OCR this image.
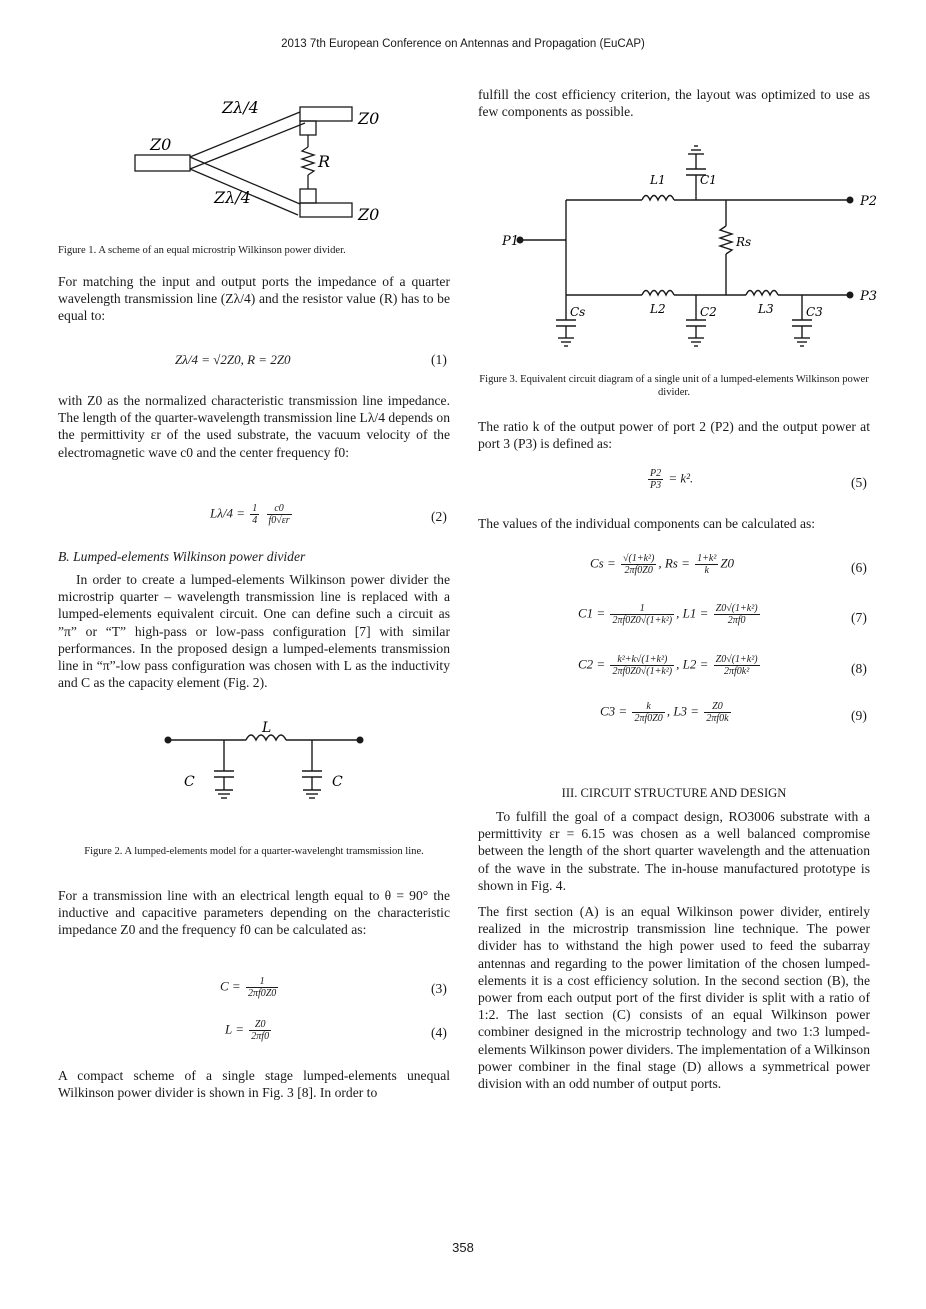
2013 7th European Conference on Antennas and Propagation (EuCAP)
Zλ/4
Zλ/4
Z0
Z0
Z0
R
Figure 1. A scheme of an equal microstrip Wilkinson power divider.

For matching the input and output ports the impedance of a quarter wavelength transmission line (Zλ/4) and the resistor value (R) has to be equal to:

Zλ/4 = √2Z0, R = 2Z0	(1)

with Z0 as the normalized characteristic transmission line impedance. The length of the quarter-wavelength transmission line Lλ/4 depends on the permittivity εr of the used substrate, the vacuum velocity of the electromagnetic wave c0 and the center frequency f0:

$L\lambda/4 = \frac{1}{4}$
$\frac{c0}{f0√\varepsilon r}$	(2)
B. Lumped-elements Wilkinson power divider

In order to create a lumped-elements Wilkinson power divider the microstrip quarter – wavelength transmission line is replaced with a lumped-elements equivalent circuit. One can define such a circuit as ”π” or “T” high-pass or low-pass configuration [7] with similar performances. In the proposed design a lumped-elements transmission line in “π”-low pass configuration was chosen with L as the inductivity and C as the capacity element (Fig. 2).

L
C	C
Figure 2. A lumped-elements model for a quarter-wavelenght tramsmission line.

For a transmission line with an electrical length equal to θ = 90° the inductive and capacitive parameters depending on the characteristic impedance Z0 and the frequency f0 can be calculated as:

$C = \frac{1}{2\pi f0Z0}$	(3)
$L = \frac{Z0}{2\pi f0}$	(4)

A compact scheme of a single stage lumped-elements unequal Wilkinson power divider is shown in Fig. 3 [8]. In order to

fulfill the cost efficiency criterion, the layout was optimized to use as few components as possible.

P1
P2
P3
L1	C1
Rs
Cs	L2	C2	L3	C3
Figure 3. Equivalent circuit diagram of a single unit of a lumped-elements Wilkinson power divider.

The ratio k of the output power of port 2 (P2) and the output power at port 3 (P3) is defined as:

$\frac{P2}{P3} = k^2$.	(5)

The values of the individual components can be calculated as:

$Cs = \frac{\text{√(1+k²)}}{2\pi f0Z0}$ , $Rs = \frac{\text{1+k²}}{k} Z0$	(6)
$C1 = \frac{1}{\text{2πf0Z0√(1+k²)}}$ , $L1 = \frac{\text{Z0√(1+k²)}}{2\pi f0}$	(7)
$C2 = \frac{\text{k²+k√(1+k²)}}{\text{2πf0Z0√(1+k²)}}$ , $L2 = \frac{\text{Z0√(1+k²)}}{\text{2πf0k²}}$	(8)
$C3 = \frac{k}{2\pi f0Z0}$ , $L3 = \frac{Z0}{2\pi f0k}$	(9)
III. CIRCUIT STRUCTURE AND DESIGN

To fulfill the goal of a compact design, RO3006 substrate with a permittivity εr = 6.15 was chosen as a well balanced compromise between the length of the short quarter wavelength and the attenuation of the wave in the substrate. The in-house manufactured prototype is shown in Fig. 4.

The first section (A) is an equal Wilkinson power divider, entirely realized in the microstrip transmission line technique. The power divider has to withstand the high power used to feed the subarray antennas and regarding to the power limitation of the chosen lumped-elements it is a cost efficiency solution. In the second section (B), the power from each output port of the first divider is split with a ratio of 1:2. The last section (C) consists of an equal Wilkinson power combiner designed in the microstrip technology and two 1:3 lumped-elements Wilkinson power dividers. The implementation of a Wilkinson power combiner in the final stage (D) allows a symmetrical power division with an odd number of output ports.

358
